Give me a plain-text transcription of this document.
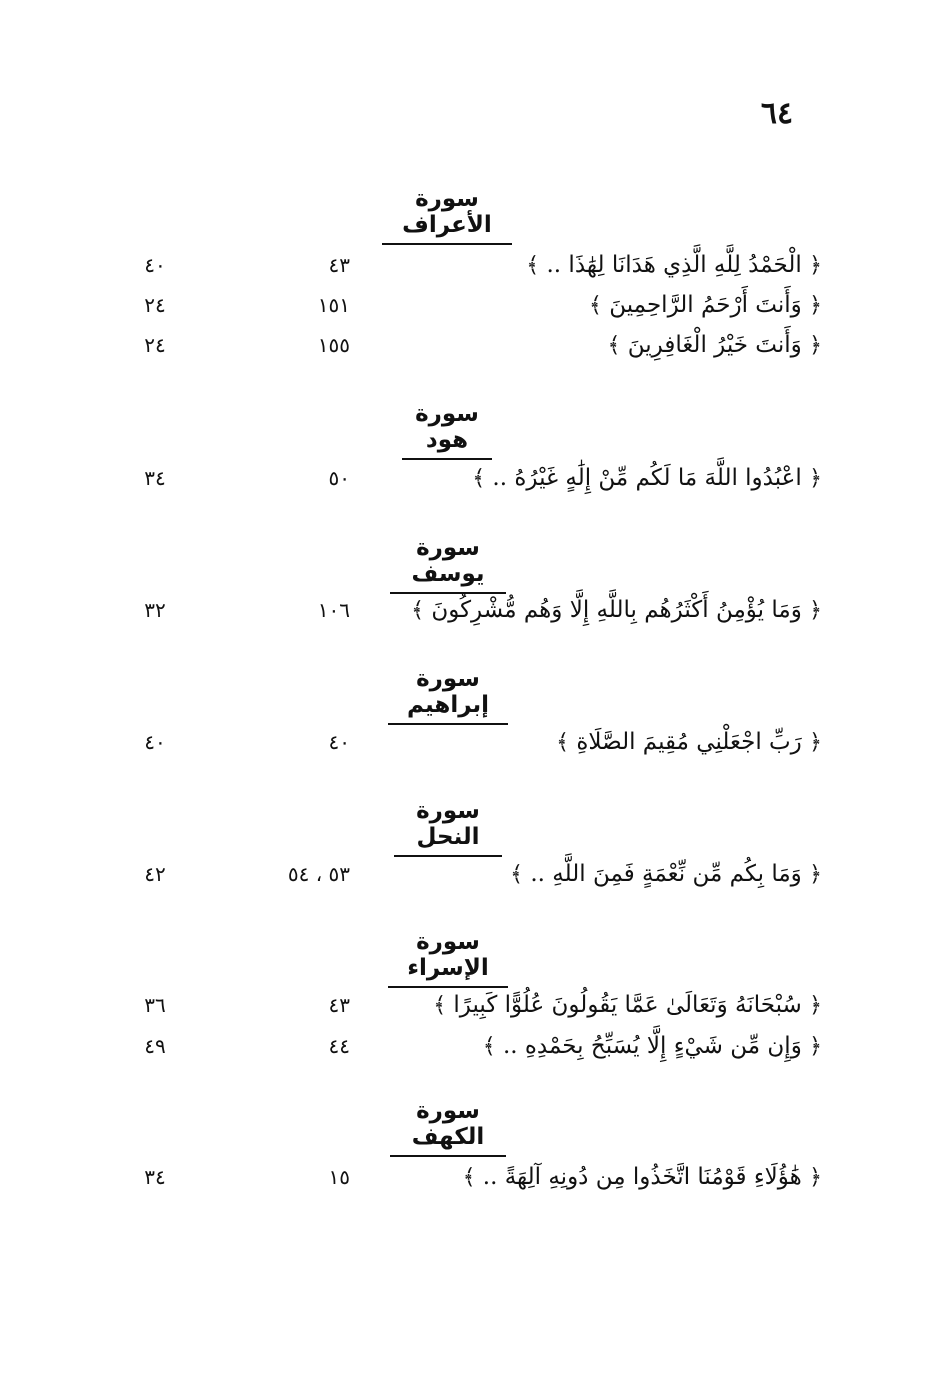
٦٤
سورة الأعراف
﴿ الْحَمْدُ لِلَّهِ الَّذِي هَدَانَا لِهَٰذَا .. ﴾
٤٣
٤٠
﴿ وَأَنتَ أَرْحَمُ الرَّاحِمِينَ ﴾
١٥١
٢٤
﴿ وَأَنتَ خَيْرُ الْغَافِرِينَ ﴾
١٥٥
٢٤
سورة هود
﴿ اعْبُدُوا اللَّهَ مَا لَكُم مِّنْ إِلَٰهٍ غَيْرُهُ .. ﴾
٥٠
٣٤
سورة يوسف
﴿ وَمَا يُؤْمِنُ أَكْثَرُهُم بِاللَّهِ إِلَّا وَهُم مُّشْرِكُونَ ﴾
١٠٦
٣٢
سورة إبراهيم
﴿ رَبِّ اجْعَلْنِي مُقِيمَ الصَّلَاةِ ﴾
٤٠
٤٠
سورة النحل
﴿ وَمَا بِكُم مِّن نِّعْمَةٍ فَمِنَ اللَّهِ .. ﴾
٥٣ ، ٥٤
٤٢
سورة الإسراء
﴿ سُبْحَانَهُ وَتَعَالَىٰ عَمَّا يَقُولُونَ عُلُوًّا كَبِيرًا ﴾
٤٣
٣٦
﴿ وَإِن مِّن شَيْءٍ إِلَّا يُسَبِّحُ بِحَمْدِهِ .. ﴾
٤٤
٤٩
سورة الكهف
﴿ هَٰؤُلَاءِ قَوْمُنَا اتَّخَذُوا مِن دُونِهِ آلِهَةً .. ﴾
١٥
٣٤
